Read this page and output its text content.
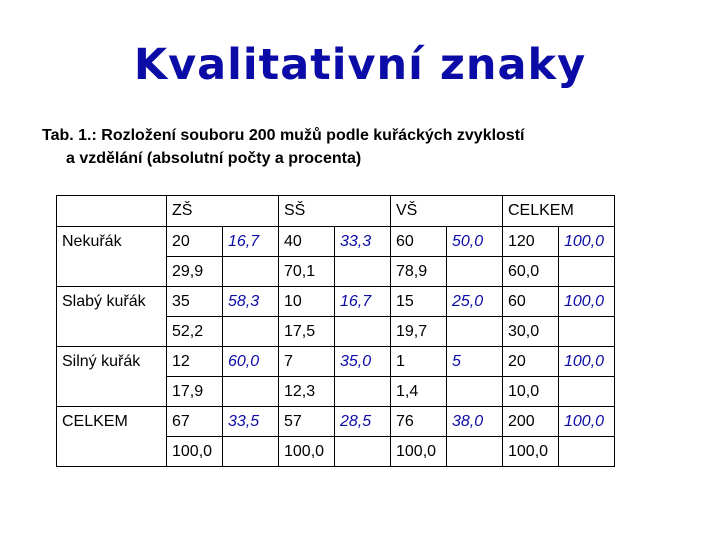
Kvalitativní znaky
Tab. 1.: Rozložení souboru 200 mužů podle kuřáckých zvyklostí
a vzdělání (absolutní počty a procenta)
	ZŠ		SŠ		VŠ		CELKEM	
Nekuřák	20	16,7	40	33,3	60	50,0	120	100,0
	29,9		70,1		78,9		60,0	
Slabý kuřák	35	58,3	10	16,7	15	25,0	60	100,0
	52,2		17,5		19,7		30,0	
Silný kuřák	12	60,0	7	35,0	1	5	20	100,0
	17,9		12,3		1,4		10,0	
CELKEM	67	33,5	57	28,5	76	38,0	200	100,0
	100,0		100,0		100,0		100,0	
